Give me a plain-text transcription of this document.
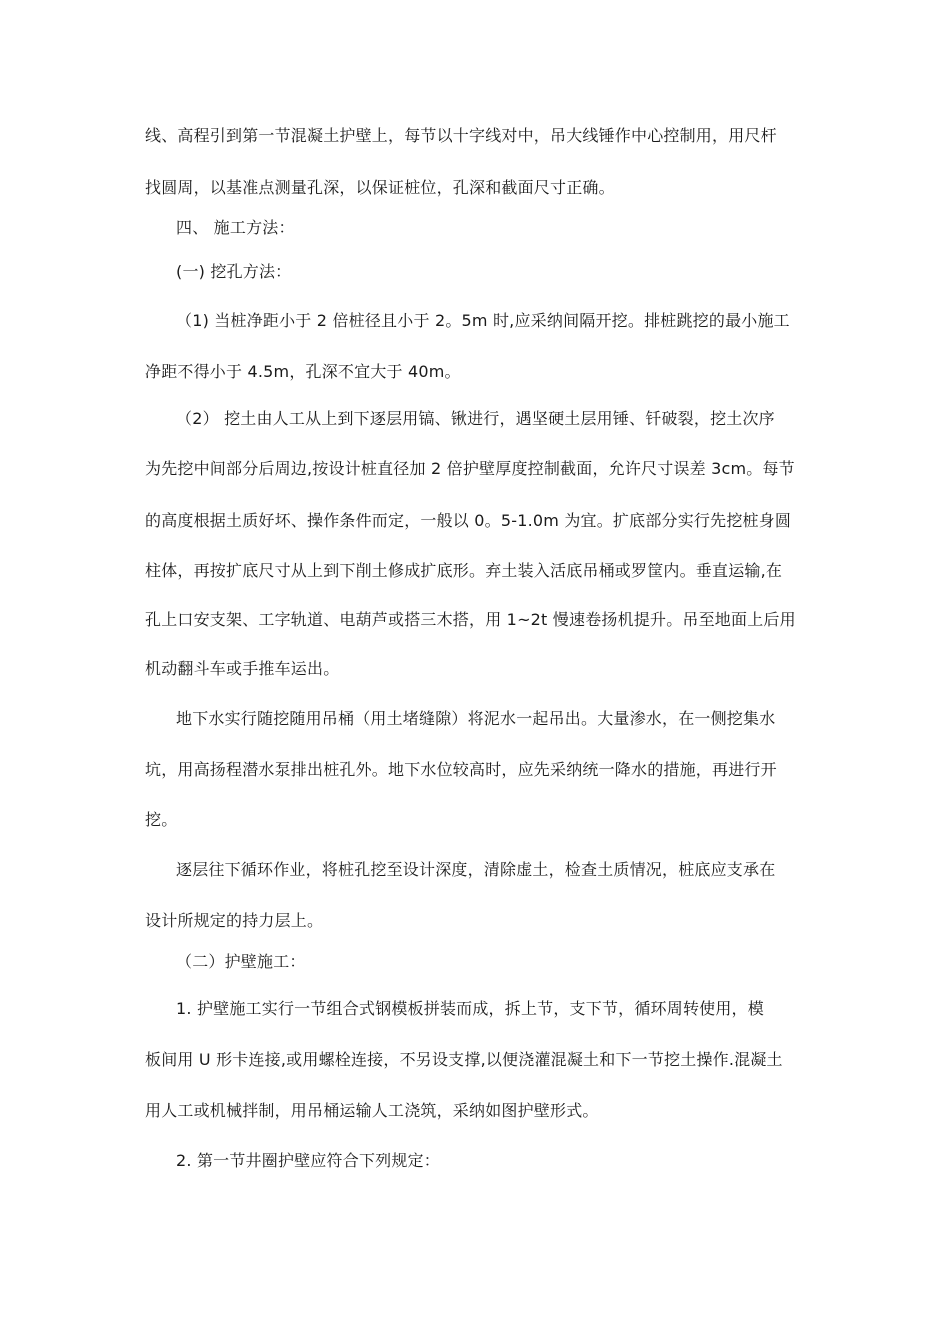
线、高程引到第一节混凝土护壁上，每节以十字线对中，吊大线锤作中心控制用，用尺杆
找圆周，以基准点测量孔深，以保证桩位，孔深和截面尺寸正确。
四、 施工方法：
(一) 挖孔方法：
（1) 当桩净距小于 2 倍桩径且小于 2。5m 时,应采纳间隔开挖。排桩跳挖的最小施工
净距不得小于 4.5m，孔深不宜大于 40m。
（2） 挖土由人工从上到下逐层用镐、锹进行，遇坚硬土层用锤、钎破裂，挖土次序
为先挖中间部分后周边,按设计桩直径加 2 倍护壁厚度控制截面，允许尺寸误差 3cm。每节
的高度根据土质好坏、操作条件而定，一般以 0。5-1.0m 为宜。扩底部分实行先挖桩身圆
柱体，再按扩底尺寸从上到下削土修成扩底形。弃土装入活底吊桶或罗筐内。垂直运输,在
孔上口安支架、工字轨道、电葫芦或搭三木搭，用 1~2t 慢速卷扬机提升。吊至地面上后用
机动翻斗车或手推车运出。
地下水实行随挖随用吊桶（用土堵缝隙）将泥水一起吊出。大量渗水，在一侧挖集水
坑，用高扬程潜水泵排出桩孔外。地下水位较高时，应先采纳统一降水的措施，再进行开
挖。
逐层往下循环作业，将桩孔挖至设计深度，清除虚土，检查土质情况，桩底应支承在
设计所规定的持力层上。
（二）护壁施工：
1. 护壁施工实行一节组合式钢模板拼装而成，拆上节，支下节，循环周转使用，模
板间用 U 形卡连接,或用螺栓连接，不另设支撑,以便浇灌混凝土和下一节挖土操作.混凝土
用人工或机械拌制，用吊桶运输人工浇筑，采纳如图护壁形式。
2. 第一节井圈护壁应符合下列规定：
